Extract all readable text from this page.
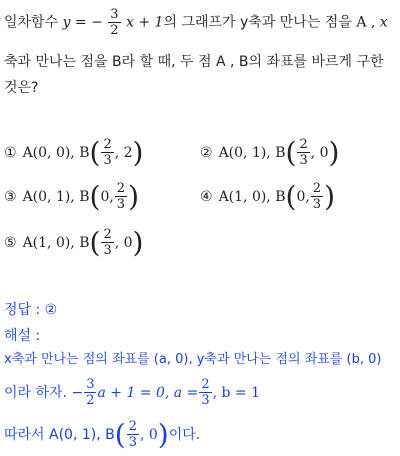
일차함수 y = − $\frac{3}{2}$ x + 1의 그래프가 y축과 만나는 점을 A , x
축과 만나는 점을 B라 할 때, 두 점 A , B의 좌표를 바르게 구한
것은?
① A(0, 0), B ( $\frac{2}{3}$ , 2 )	② A(0, 1), B ( $\frac{2}{3}$ , 0 )
③ A(0, 1), B ( 0, $\frac{2}{3}$ )	④ A(1, 0), B ( 0, $\frac{2}{3}$ )
⑤ A(1, 0), B ( $\frac{2}{3}$ , 0 )
정답 : ②
해설 :
x축과 만나는 점의 좌표를 (a, 0), y축과 만나는 점의 좌표를 (b, 0)
이라 하자. − $\frac{3}{2}$ a + 1 = 0, $a = \frac{2}{3}$ , b = 1
따라서 A(0, 1), B ( $\frac{2}{3}$ , 0 ) 이다.
